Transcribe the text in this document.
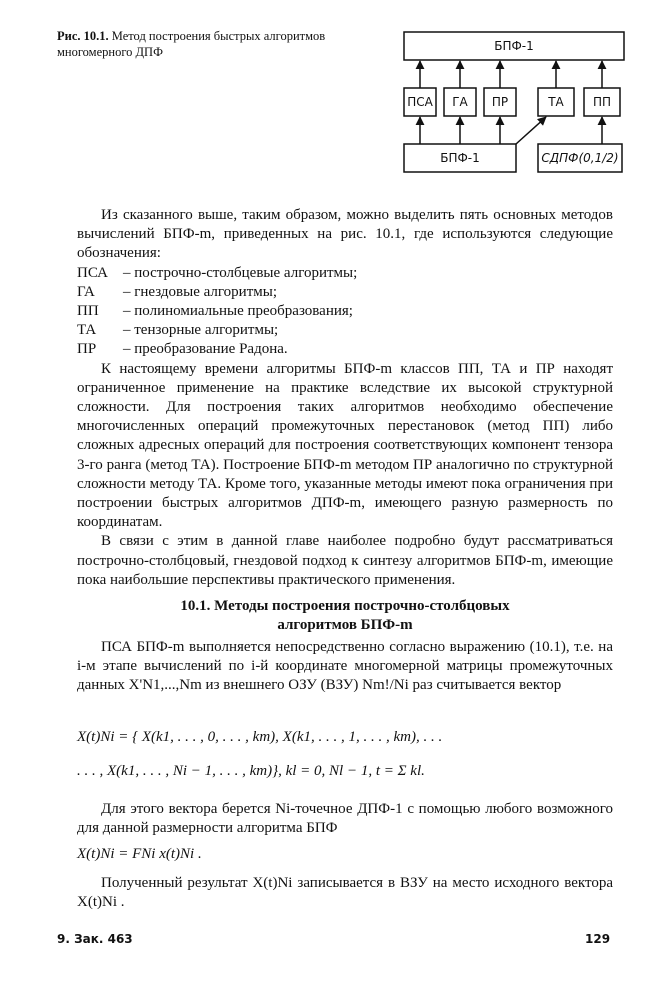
Рис. 10.1. Метод построения быстрых алгоритмов многомерного ДПФ	БПФ-1
ПСА ГА ПР	ТА ПП
БПФ-1	СДПФ(0,1/2)

Из сказанного выше, таким образом, можно выделить пять основных методов вычислений БПФ-m, приведенных на рис. 10.1, где используются следующие обозначения:

ПСА	– построчно-столбцевые алгоритмы;
ГА	– гнездовые алгоритмы;
ПП	– полиномиальные преобразования;
ТА	– тензорные алгоритмы;
ПР	– преобразование Радона.

К настоящему времени алгоритмы БПФ-m классов ПП, ТА и ПР находят ограниченное применение на практике вследствие их высокой структурной сложности. Для построения таких алгоритмов необходимо обеспечение многочисленных операций промежуточных перестановок (метод ПП) либо сложных адресных операций для построения соответствующих компонент тензора 3-го ранга (метод ТА). Построение БПФ-m методом ПР аналогично по структурной сложности методу ТА. Кроме того, указанные методы имеют пока ограничения при построении быстрых алгоритмов ДПФ-m, имеющего разную размерность по координатам.

В связи с этим в данной главе наиболее подробно будут рассматриваться построчно-столбцовый, гнездовой подход к синтезу алгоритмов БПФ-m, имеющие пока наибольшие перспективы практического применения.

10.1. Методы построения построчно-столбцовых
алгоритмов БПФ-m

ПСА БПФ-m выполняется непосредственно согласно выражению (10.1), т.е. на i-м этапе вычислений по i-й координате многомерной матрицы промежуточных данных X'N1,...,Nm из внешнего ОЗУ (ВЗУ) Nm!/Ni раз считывается вектор

X(t)Ni = { X(k1, . . . , 0, . . . , km), X(k1, . . . , 1, . . . , km), . . .
. . . , X(k1, . . . , Ni − 1, . . . , km)}, kl = 0, Nl − 1, t = Σ kl.

Для этого вектора берется Ni-точечное ДПФ-1 с помощью любого возможного для данной размерности алгоритма БПФ

X(t)Ni = FNi x(t)Ni .

Полученный результат X(t)Ni записывается в ВЗУ на место исходного вектора X(t)Ni .

9. Зак. 463	129
